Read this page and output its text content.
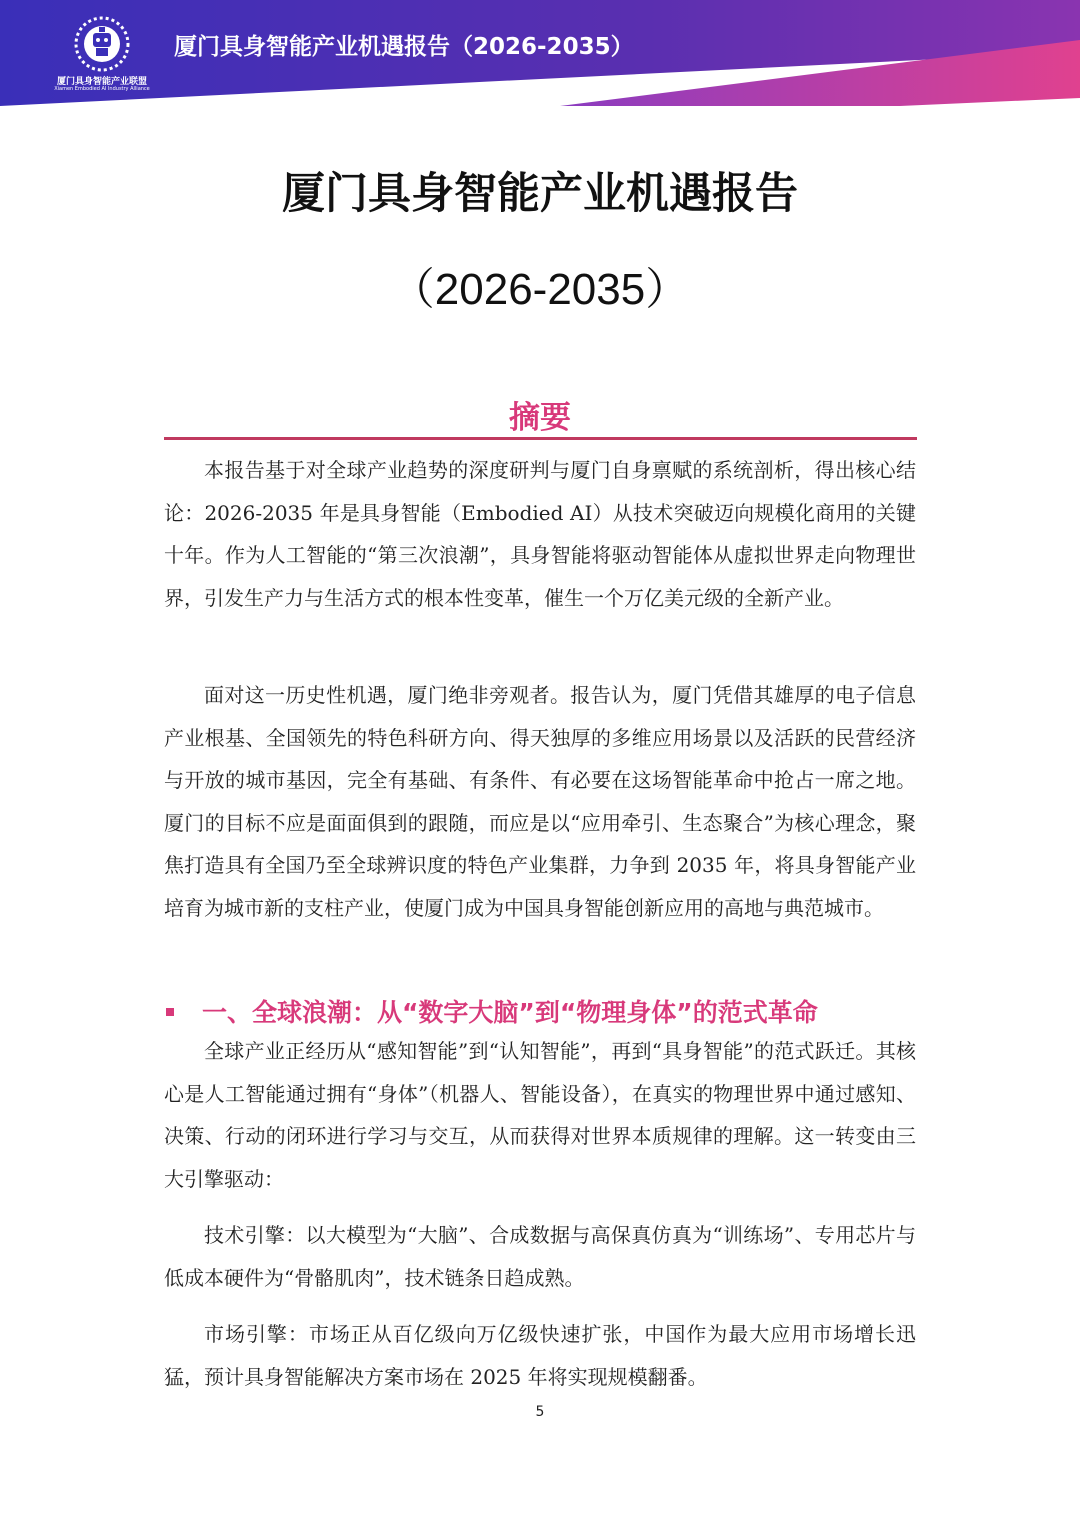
EAIA
厦门具身智能产业联盟
Xiamen Embodied AI Industry Alliance
厦门具身智能产业机遇报告（2026-2035）
厦门具身智能产业机遇报告
（2026-2035）
摘要

本报告基于对全球产业趋势的深度研判与厦门自身禀赋的系统剖析，得出核心结论：2026-2035 年是具身智能（Embodied AI）从技术突破迈向规模化商用的关键十年。作为人工智能的“第三次浪潮”，具身智能将驱动智能体从虚拟世界走向物理世界，引发生产力与生活方式的根本性变革，催生一个万亿美元级的全新产业。

面对这一历史性机遇，厦门绝非旁观者。报告认为，厦门凭借其雄厚的电子信息产业根基、全国领先的特色科研方向、得天独厚的多维应用场景以及活跃的民营经济与开放的城市基因，完全有基础、有条件、有必要在这场智能革命中抢占一席之地。厦门的目标不应是面面俱到的跟随，而应是以“应用牵引、生态聚合”为核心理念，聚焦打造具有全国乃至全球辨识度的特色产业集群，力争到 2035 年，将具身智能产业培育为城市新的支柱产业，使厦门成为中国具身智能创新应用的高地与典范城市。

一、全球浪潮：从“数字大脑”到“物理身体”的范式革命

全球产业正经历从“感知智能”到“认知智能”，再到“具身智能”的范式跃迁。其核心是人工智能通过拥有“身体”（机器人、智能设备），在真实的物理世界中通过感知、决策、行动的闭环进行学习与交互，从而获得对世界本质规律的理解。这一转变由三大引擎驱动：

技术引擎：以大模型为“大脑”、合成数据与高保真仿真为“训练场”、专用芯片与低成本硬件为“骨骼肌肉”，技术链条日趋成熟。

市场引擎：市场正从百亿级向万亿级快速扩张，中国作为最大应用市场增长迅猛，预计具身智能解决方案市场在 2025 年将实现规模翻番。

5
